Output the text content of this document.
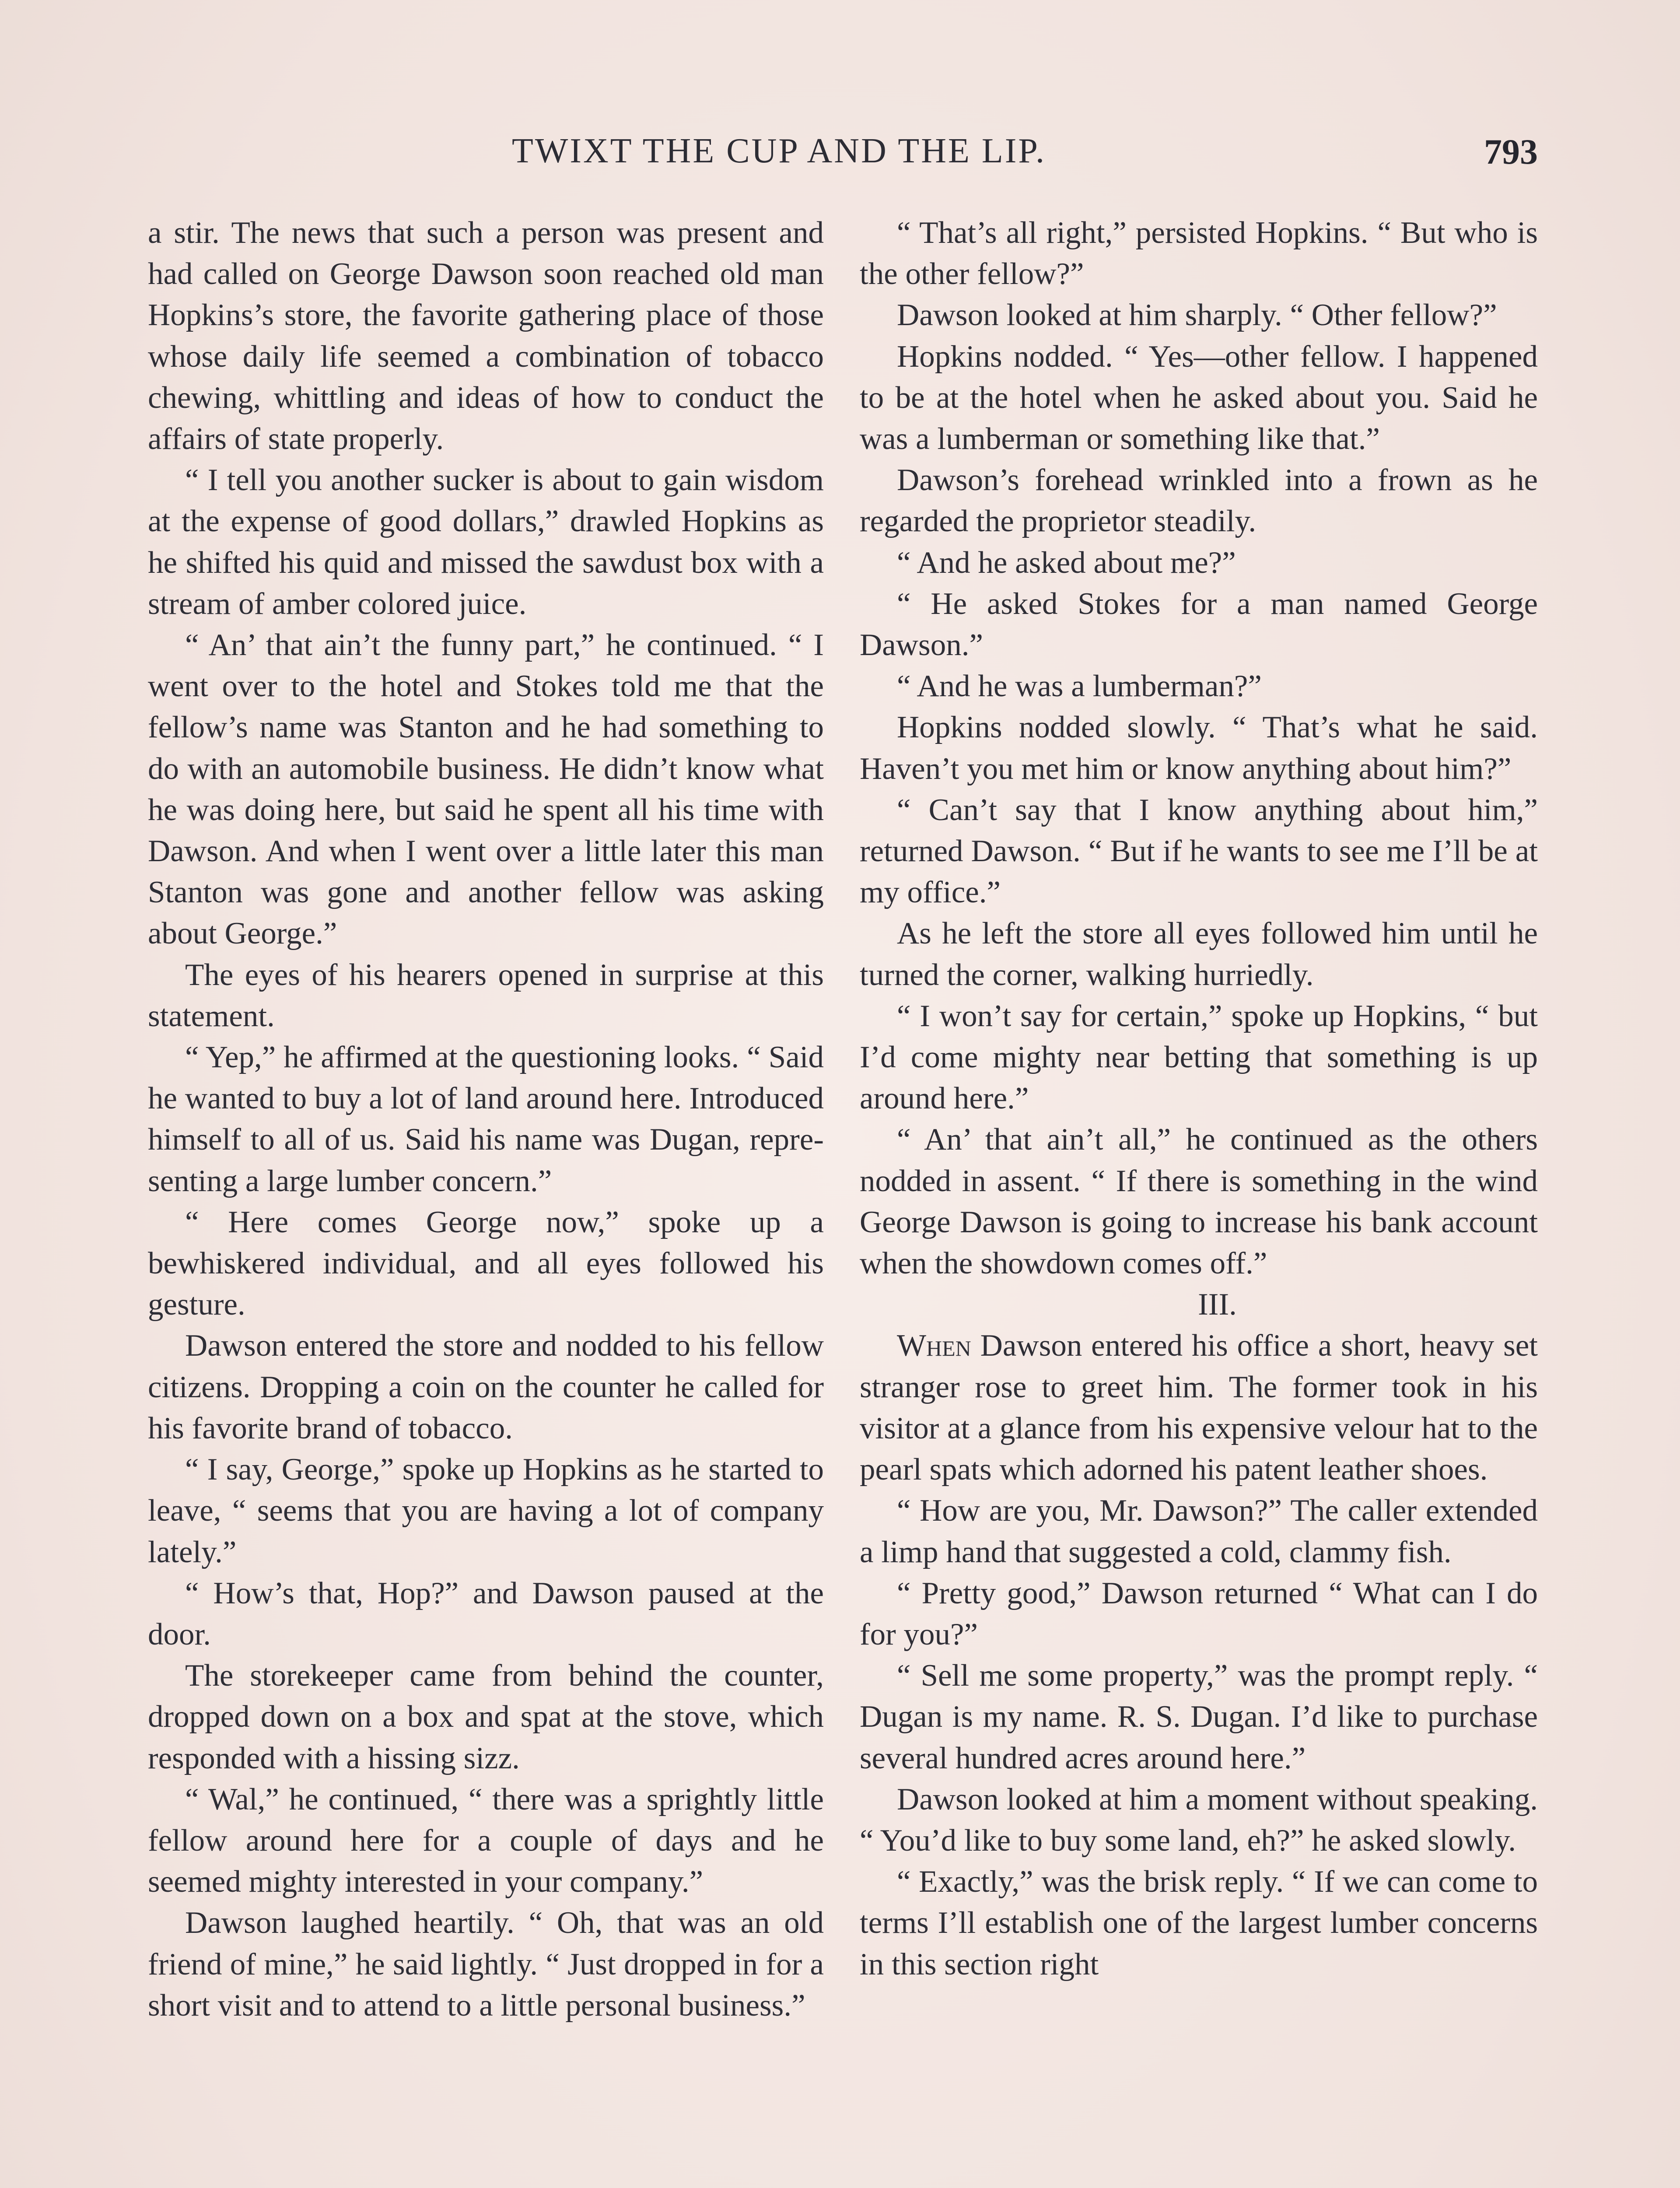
TWIXT THE CUP AND THE LIP.	793

a stir. The news that such a person was present and had called on George Dawson soon reached old man Hopkins’s store, the favorite gathering place of those whose daily life seemed a combination of tobacco chewing, whittling and ideas of how to conduct the affairs of state properly.

“ I tell you another sucker is about to gain wisdom at the expense of good dollars,” drawled Hopkins as he shifted his quid and missed the sawdust box with a stream of amber colored juice.

“ An’ that ain’t the funny part,” he continued. “ I went over to the hotel and Stokes told me that the fellow’s name was Stanton and he had something to do with an automobile business. He didn’t know what he was doing here, but said he spent all his time with Dawson. And when I went over a little later this man Stanton was gone and another fellow was asking about George.”

The eyes of his hearers opened in surprise at this statement.

“ Yep,” he affirmed at the questioning looks. “ Said he wanted to buy a lot of land around here. Introduced himself to all of us. Said his name was Dugan, representing a large lumber concern.”

“ Here comes George now,” spoke up a bewhiskered individual, and all eyes followed his gesture.

Dawson entered the store and nodded to his fellow citizens. Dropping a coin on the counter he called for his favorite brand of tobacco.

“ I say, George,” spoke up Hopkins as he started to leave, “ seems that you are having a lot of company lately.”

“ How’s that, Hop?” and Dawson paused at the door.

The storekeeper came from behind the counter, dropped down on a box and spat at the stove, which responded with a hissing sizz.

“ Wal,” he continued, “ there was a sprightly little fellow around here for a couple of days and he seemed mighty interested in your company.”

Dawson laughed heartily. “ Oh, that was an old friend of mine,” he said lightly. “ Just dropped in for a short visit and to attend to a little personal business.”

“ That’s all right,” persisted Hopkins. “ But who is the other fellow?”

Dawson looked at him sharply. “ Other fellow?”

Hopkins nodded. “ Yes—other fellow. I happened to be at the hotel when he asked about you. Said he was a lumberman or something like that.”

Dawson’s forehead wrinkled into a frown as he regarded the proprietor steadily.

“ And he asked about me?”

“ He asked Stokes for a man named George Dawson.”

“ And he was a lumberman?”

Hopkins nodded slowly. “ That’s what he said. Haven’t you met him or know anything about him?”

“ Can’t say that I know anything about him,” returned Dawson. “ But if he wants to see me I’ll be at my office.”

As he left the store all eyes followed him until he turned the corner, walking hurriedly.

“ I won’t say for certain,” spoke up Hopkins, “ but I’d come mighty near betting that something is up around here.”

“ An’ that ain’t all,” he continued as the others nodded in assent. “ If there is something in the wind George Dawson is going to increase his bank account when the showdown comes off.”

III.

When Dawson entered his office a short, heavy set stranger rose to greet him. The former took in his visitor at a glance from his expensive velour hat to the pearl spats which adorned his patent leather shoes.

“ How are you, Mr. Dawson?” The caller extended a limp hand that suggested a cold, clammy fish.

“ Pretty good,” Dawson returned “ What can I do for you?”

“ Sell me some property,” was the prompt reply. “ Dugan is my name. R. S. Dugan. I’d like to purchase several hundred acres around here.”

Dawson looked at him a moment without speaking. “ You’d like to buy some land, eh?” he asked slowly.

“ Exactly,” was the brisk reply. “ If we can come to terms I’ll establish one of the largest lumber concerns in this section right
